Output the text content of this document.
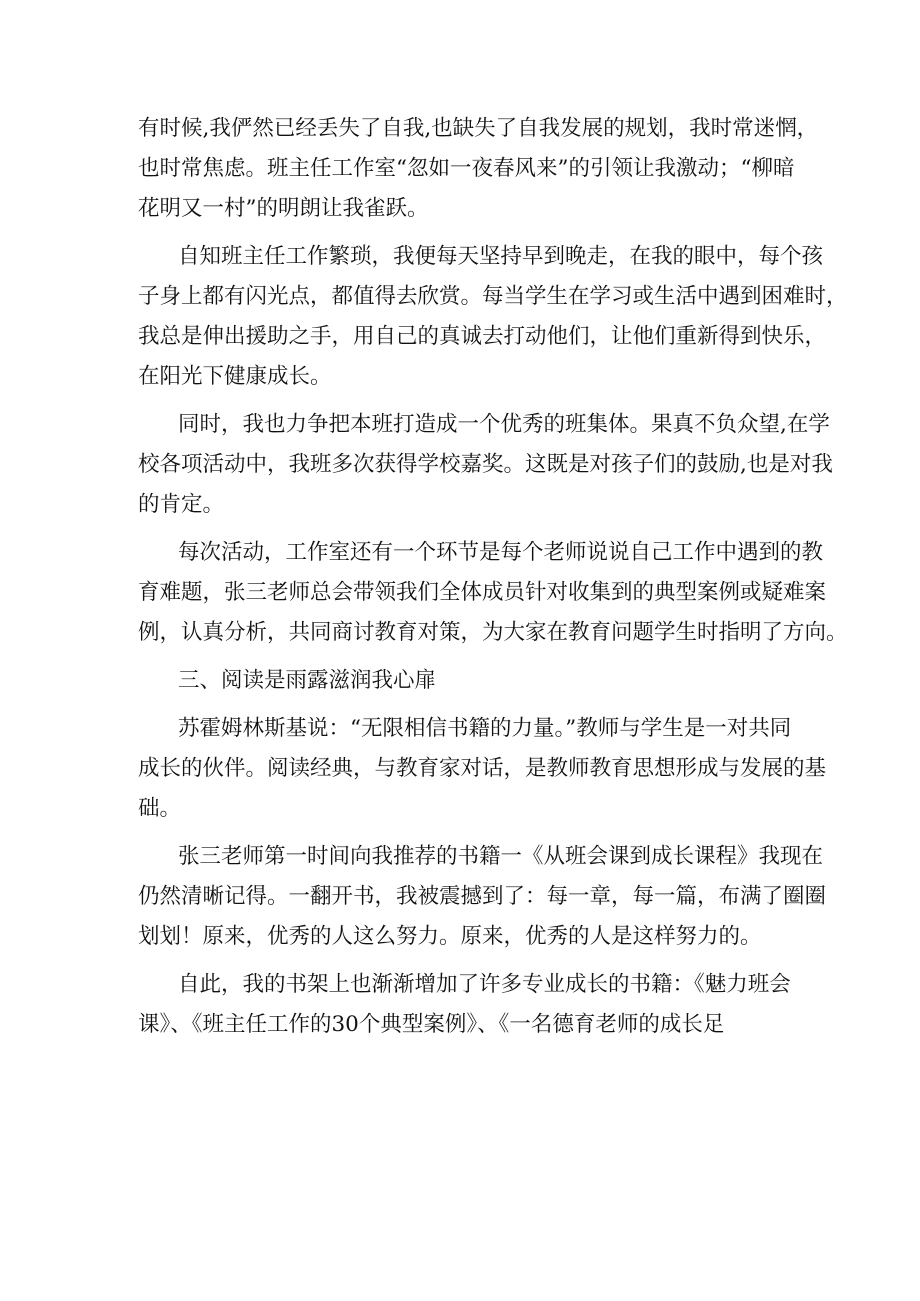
有时候,我俨然已经丢失了自我,也缺失了自我发展的规划，我时常迷惘，
也时常焦虑。班主任工作室“忽如一夜春风来”的引领让我激动；“柳暗
花明又一村”的明朗让我雀跃。

自知班主任工作繁琐，我便每天坚持早到晚走，在我的眼中，每个孩
子身上都有闪光点，都值得去欣赏。每当学生在学习或生活中遇到困难时，
我总是伸出援助之手，用自己的真诚去打动他们，让他们重新得到快乐，
在阳光下健康成长。

同时，我也力争把本班打造成一个优秀的班集体。果真不负众望,在学
校各项活动中，我班多次获得学校嘉奖。这既是对孩子们的鼓励,也是对我
的肯定。

每次活动，工作室还有一个环节是每个老师说说自己工作中遇到的教
育难题，张三老师总会带领我们全体成员针对收集到的典型案例或疑难案
例，认真分析，共同商讨教育对策，为大家在教育问题学生时指明了方向。

三、阅读是雨露滋润我心扉

苏霍姆林斯基说：“无限相信书籍的力量。”教师与学生是一对共同
成长的伙伴。阅读经典，与教育家对话，是教师教育思想形成与发展的基
础。

张三老师第一时间向我推荐的书籍一《从班会课到成长课程》我现在
仍然清晰记得。一翻开书，我被震撼到了：每一章，每一篇，布满了圈圈
划划！原来，优秀的人这么努力。原来，优秀的人是这样努力的。

自此，我的书架上也渐渐增加了许多专业成长的书籍：《魅力班会
课》、《班主任工作的30个典型案例》、《一名德育老师的成长足
